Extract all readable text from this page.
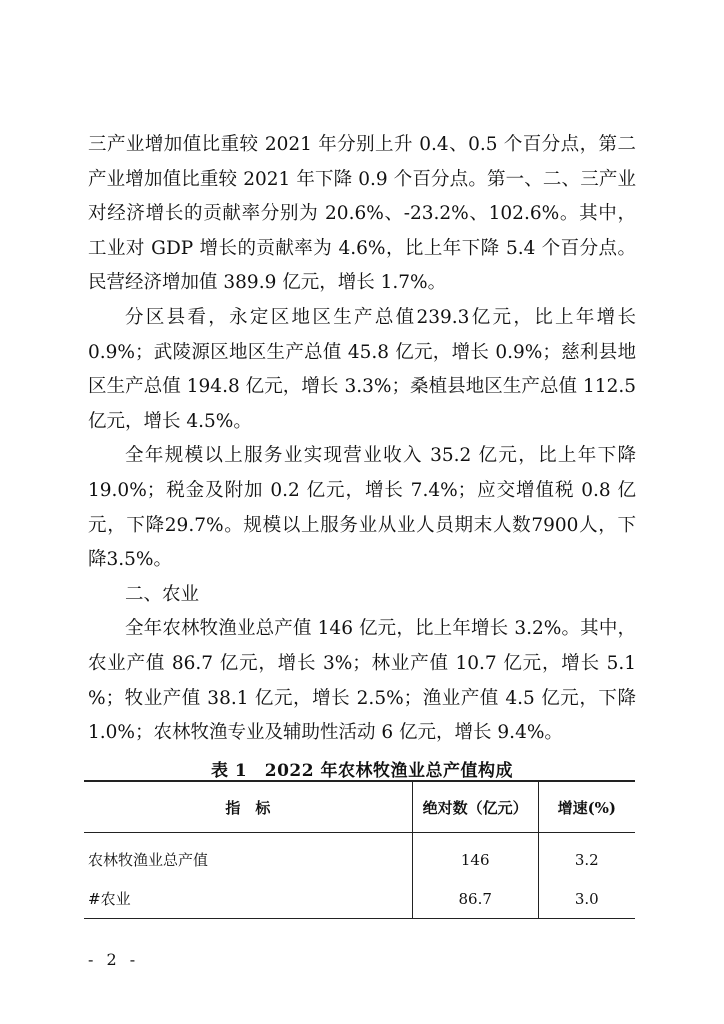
三产业增加值比重较 2021 年分别上升 0.4、0.5 个百分点，第二产业增加值比重较 2021 年下降 0.9 个百分点。第一、二、三产业对经济增长的贡献率分别为 20.6%、-23.2%、102.6%。其中，工业对 GDP 增长的贡献率为 4.6%，比上年下降 5.4 个百分点。民营经济增加值 389.9 亿元，增长 1.7%。

分区县看，永定区地区生产总值239.3亿元，比上年增长0.9%；武陵源区地区生产总值 45.8 亿元，增长 0.9%；慈利县地区生产总值 194.8 亿元，增长 3.3%；桑植县地区生产总值 112.5 亿元，增长 4.5%。

全年规模以上服务业实现营业收入 35.2 亿元，比上年下降 19.0%；税金及附加 0.2 亿元，增长 7.4%；应交增值税 0.8 亿元，下降29.7%。规模以上服务业从业人员期末人数7900人，下降3.5%。

二、农业

全年农林牧渔业总产值 146 亿元，比上年增长 3.2%。其中，农业产值 86.7 亿元，增长 3%；林业产值 10.7 亿元，增长 5.1 %；牧业产值 38.1 亿元，增长 2.5%；渔业产值 4.5 亿元，下降 1.0%；农林牧渔专业及辅助性活动 6 亿元，增长 9.4%。

表 1　2022 年农林牧渔业总产值构成
指　标	绝对数（亿元）	增速(%)
农林牧渔业总产值	146	3.2
#农业	86.7	3.0
- 2 -
